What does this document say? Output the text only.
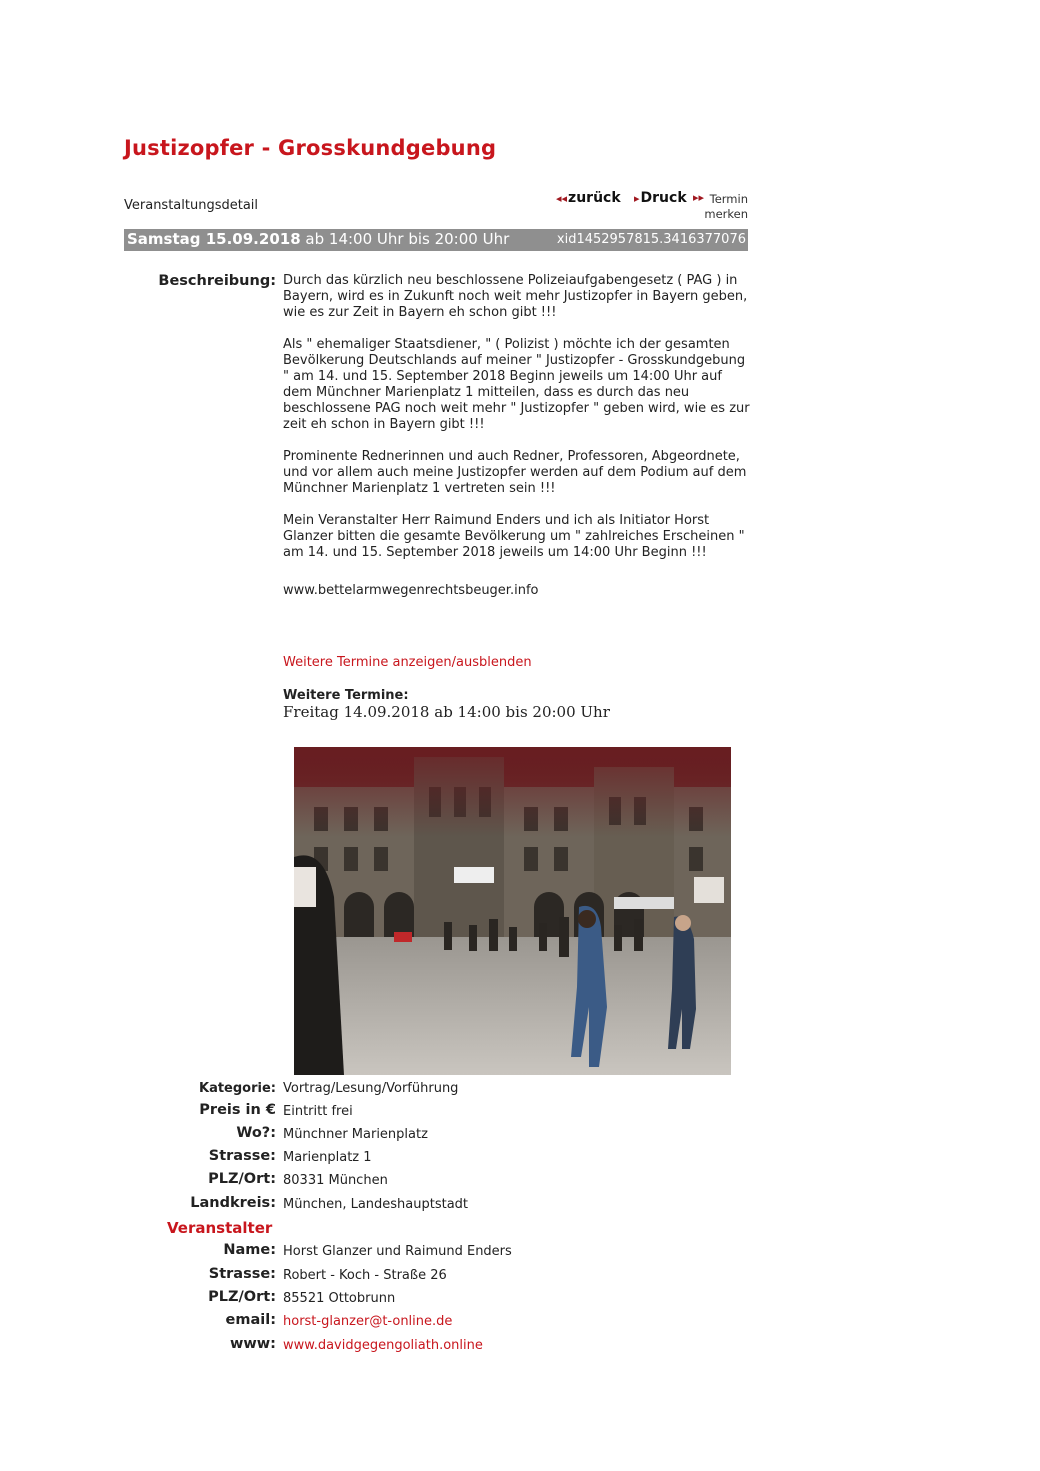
Justizopfer - Grosskundgebung
Veranstaltungsdetail	◂◂zurück ▸Druck ▸▸ Termin
merken
Samstag 15.09.2018 ab 14:00 Uhr bis 20:00 Uhr	xid1452957815.3416377076
Beschreibung: Durch das kürzlich neu beschlossene Polizeiaufgabengesetz ( PAG ) in Bayern, wird es in Zukunft noch weit mehr Justizopfer in Bayern geben, wie es zur Zeit in Bayern eh schon gibt !!!

Als " ehemaliger Staatsdiener, " ( Polizist ) möchte ich der gesamten Bevölkerung Deutschlands auf meiner " Justizopfer - Grosskundgebung " am 14. und 15. September 2018 Beginn jeweils um 14:00 Uhr auf dem Münchner Marienplatz 1 mitteilen, dass es durch das neu beschlossene PAG noch weit mehr " Justizopfer " geben wird, wie es zur zeit eh schon in Bayern gibt !!!

Prominente Rednerinnen und auch Redner, Professoren, Abgeordnete, und vor allem auch meine Justizopfer werden auf dem Podium auf dem Münchner Marienplatz 1 vertreten sein !!!

Mein Veranstalter Herr Raimund Enders und ich als Initiator Horst Glanzer bitten die gesamte Bevölkerung um " zahlreiches Erscheinen " am 14. und 15. September 2018 jeweils um 14:00 Uhr Beginn !!!

www.bettelarmwegenrechtsbeuger.info
Weitere Termine anzeigen/ausblenden
Weitere Termine:
Freitag 14.09.2018 ab 14:00 bis 20:00 Uhr
Kategorie: Vortrag/Lesung/Vorführung
Preis in € Eintritt frei
Wo?: Münchner Marienplatz
Strasse: Marienplatz 1
PLZ/Ort: 80331 München
Landkreis: München, Landeshauptstadt
Veranstalter
Name: Horst Glanzer und Raimund Enders
Strasse: Robert - Koch - Straße 26
PLZ/Ort: 85521 Ottobrunn
email: horst-glanzer@t-online.de
www: www.davidgegengoliath.online
